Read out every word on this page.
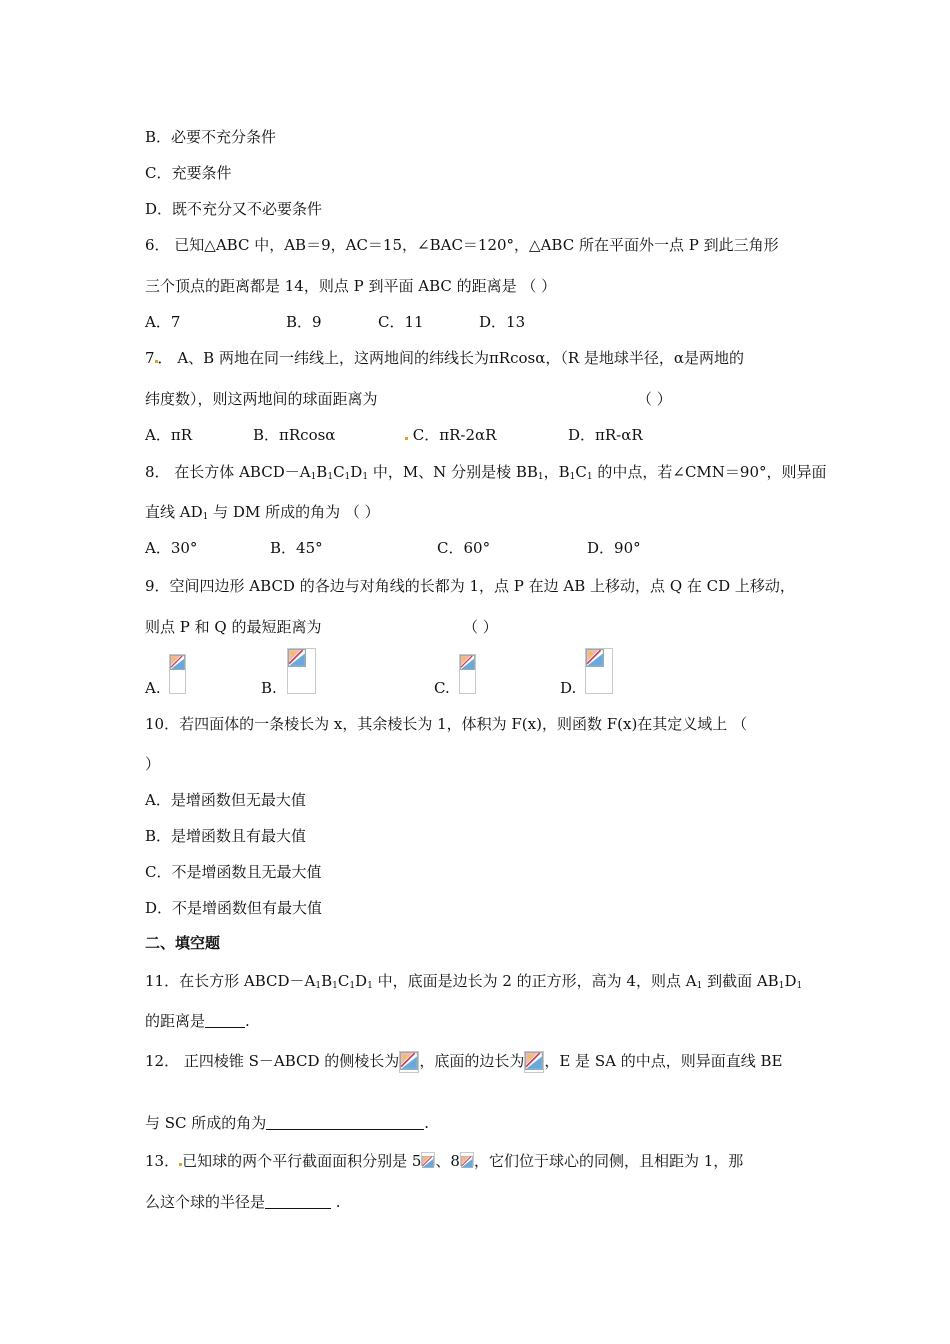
B．必要不充分条件
C．充要条件
D．既不充分又不必要条件
6． 已知△ABC 中，AB＝9，AC＝15，∠BAC＝120°，△ABC 所在平面外一点 P 到此三角形
三个顶点的距离都是 14，则点 P 到平面 ABC 的距离是 （ ）
A．7	B．9	C．11	D．13
7 ． A、B 两地在同一纬线上，这两地间的纬线长为πRcosα，（R 是地球半径，α是两地的
纬度数），则这两地间的球面距离为	（ ）
A．πR	B．πRcosα	C．πR-2αR	D．πR-αR
8． 在长方体 $ABCD-A_1B_1C_1D_1$ 中，M、N 分别是棱 $BB_1$，$B_1C_1$ 的中点，若∠CMN＝90°，则异面
直线 $AD_1$ 与 DM 所成的角为 （ ）
A．30°	B．45°	C．60°	D．90°
9．空间四边形 ABCD 的各边与对角线的长都为 1，点 P 在边 AB 上移动，点 Q 在 CD 上移动，
则点 P 和 Q 的最短距离为	（ ）
A.	B.	C.	D.
10．若四面体的一条棱长为 x，其余棱长为 1，体积为 F(x)，则函数 F(x)在其定义域上 （
）
A．是增函数但无最大值
B．是增函数且有最大值
C．不是增函数且无最大值
D．不是增函数但有最大值
二、填空题
11．在长方形 $ABCD-A_1B_1C_1D_1$ 中，底面是边长为 2 的正方形，高为 4，则点 $A_1$ 到截面 $AB_1D_1$
的距离是	.
12． 正四棱锥 S－ABCD 的侧棱长为 ，底面的边长为 ，E 是 SA 的中点，则异面直线 BE
与 SC 所成的角为	.
13． 已知球的两个平行截面面积分别是 5 、8 ，它们位于球心的同侧，且相距为 1，那
么这个球的半径是	.
